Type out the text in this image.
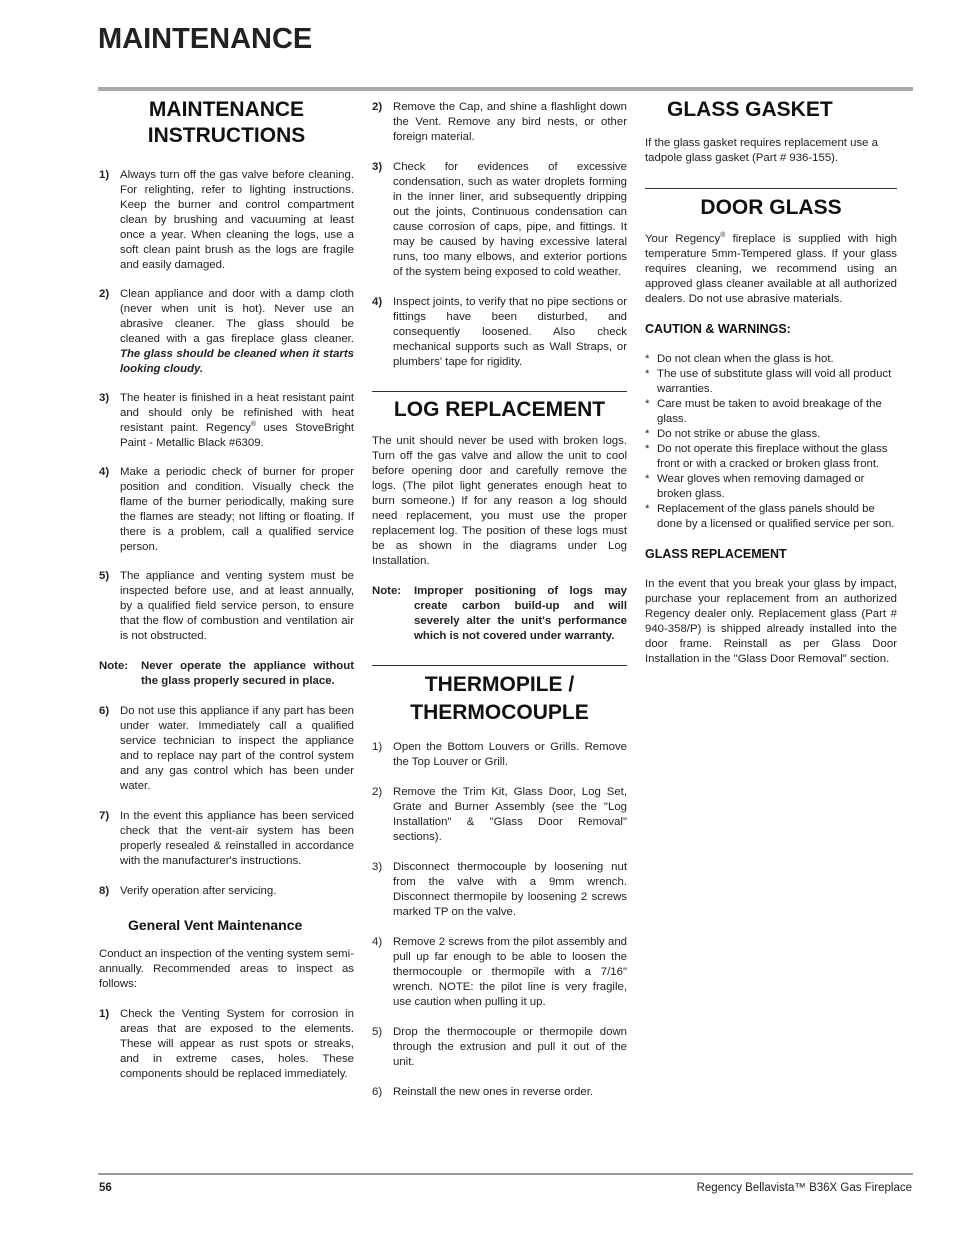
MAINTENANCE
MAINTENANCE
INSTRUCTIONS
1) Always turn off the gas valve before cleaning. For relighting, refer to lighting instructions. Keep the burner and control compartment clean by brushing and vacuuming at least once a year. When cleaning the logs, use a soft clean paint brush as the logs are fragile and easily damaged.
2) Clean appliance and door with a damp cloth (never when unit is hot). Never use an abrasive cleaner. The glass should be cleaned with a gas fireplace glass cleaner. The glass should be cleaned when it starts looking cloudy.
3) The heater is finished in a heat resistant paint and should only be refinished with heat resistant paint. Regency® uses StoveBright Paint - Metallic Black #6309.
4) Make a periodic check of burner for proper position and condition. Visually check the flame of the burner periodically, making sure the flames are steady; not lifting or floating. If there is a problem, call a qualified service person.
5) The appliance and venting system must be inspected before use, and at least annually, by a qualified field service person, to ensure that the flow of combustion and ventilation air is not obstructed.
Note:	Never operate the appliance without the glass properly secured in place.
6) Do not use this appliance if any part has been under water. Immediately call a qualified service technician to inspect the appliance and to replace nay part of the control system and any gas control which has been under water.
7) In the event this appliance has been serviced check that the vent-air system has been properly resealed & reinstalled in accordance with the manufacturer's instructions.
8) Verify operation after servicing.
General Vent Maintenance

Conduct an inspection of the venting system semi-annually. Recommended areas to inspect as follows:

1) Check the Venting System for corrosion in areas that are exposed to the elements. These will appear as rust spots or streaks, and in extreme cases, holes. These components should be replaced immediately.
2) Remove the Cap, and shine a flashlight down the Vent. Remove any bird nests, or other foreign material.
3) Check for evidences of excessive condensation, such as water droplets forming in the inner liner, and subsequently dripping out the joints, Continuous condensation can cause corrosion of caps, pipe, and fittings. It may be caused by having excessive lateral runs, too many elbows, and exterior portions of the system being exposed to cold weather.
4) Inspect joints, to verify that no pipe sections or fittings have been disturbed, and consequently loosened. Also check mechanical supports such as Wall Straps, or plumbers' tape for rigidity.
LOG REPLACEMENT

The unit should never be used with broken logs. Turn off the gas valve and allow the unit to cool before opening door and carefully remove the logs. (The pilot light generates enough heat to burn someone.) If for any reason a log should need replacement, you must use the proper replacement log. The position of these logs must be as shown in the diagrams under Log Installation.

Note:	Improper positioning of logs may create carbon build-up and will severely alter the unit's performance which is not covered under warranty.
THERMOPILE /
THERMOCOUPLE
1) Open the Bottom Louvers or Grills. Remove the Top Louver or Grill.
2) Remove the Trim Kit, Glass Door, Log Set, Grate and Burner Assembly (see the "Log Installation" & "Glass Door Removal" sections).
3) Disconnect thermocouple by loosening nut from the valve with a 9mm wrench. Disconnect thermopile by loosening 2 screws marked TP on the valve.
4) Remove 2 screws from the pilot assembly and pull up far enough to be able to loosen the thermocouple or thermopile with a 7/16" wrench. NOTE: the pilot line is very fragile, use caution when pulling it up.
5) Drop the thermocouple or thermopile down through the extrusion and pull it out of the unit.
6) Reinstall the new ones in reverse order.
GLASS GASKET

If the glass gasket requires replacement use a tadpole glass gasket (Part # 936-155).

DOOR GLASS

Your Regency® fireplace is supplied with high temperature 5mm-Tempered glass. If your glass requires cleaning, we recommend using an approved glass cleaner available at all authorized dealers. Do not use abrasive materials.

CAUTION & WARNINGS:
* Do not clean when the glass is hot.
* The use of substitute glass will void all product warranties.
* Care must be taken to avoid breakage of the glass.
* Do not strike or abuse the glass.
* Do not operate this fireplace without the glass front or with a cracked or broken glass front.
* Wear gloves when removing damaged or broken glass.
* Replacement of the glass panels should be done by a licensed or qualified service per son.
GLASS REPLACEMENT

In the event that you break your glass by impact, purchase your replacement from an authorized Regency dealer only. Replacement glass (Part # 940-358/P) is shipped already installed into the door frame. Reinstall as per Glass Door Installation in the "Glass Door Removal" section.

56	Regency Bellavista™ B36X Gas Fireplace
